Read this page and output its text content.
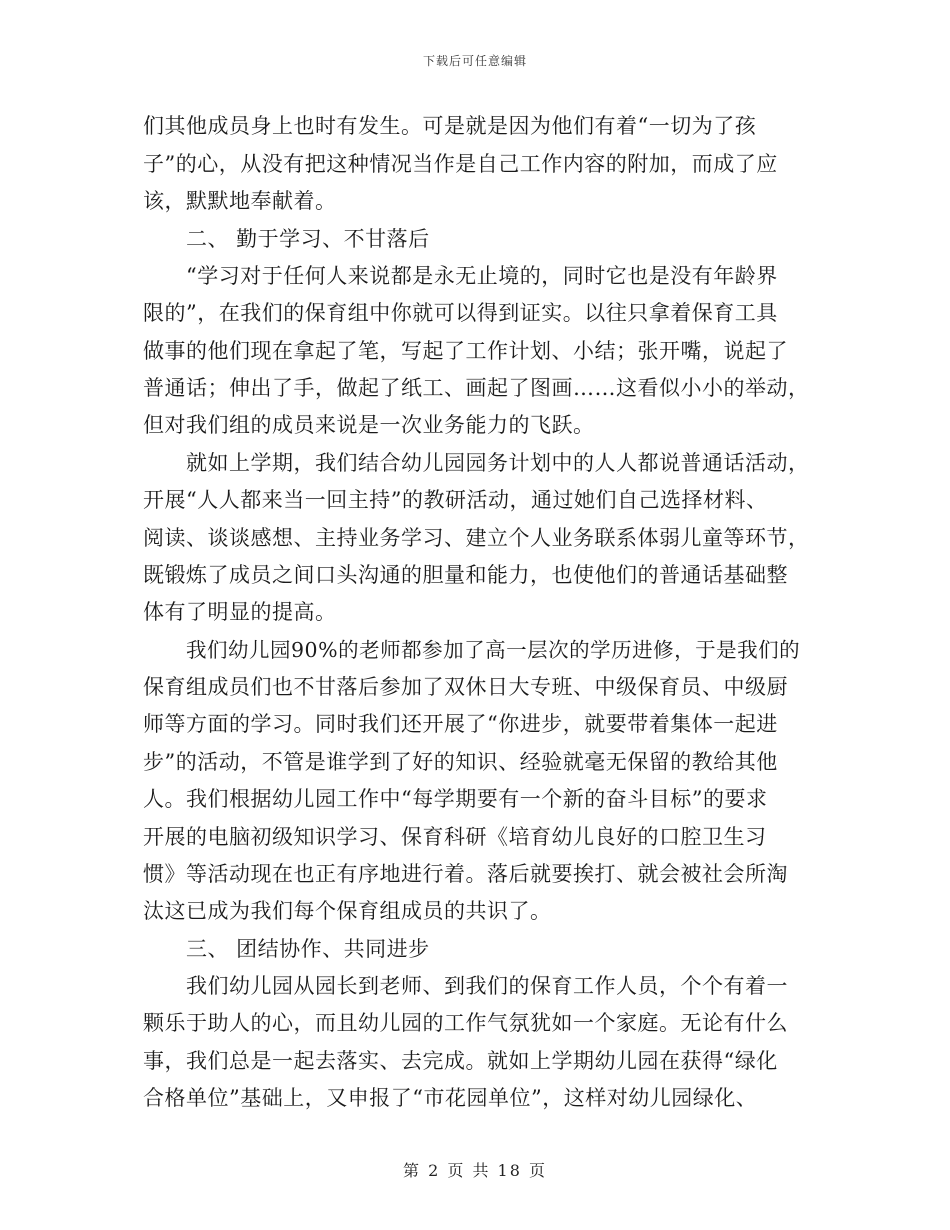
下载后可任意编辑
们其他成员身上也时有发生。可是就是因为他们有着“一切为了孩
子”的心，从没有把这种情况当作是自己工作内容的附加，而成了应
该，默默地奉献着。
二、 勤于学习、不甘落后
“学习对于任何人来说都是永无止境的，同时它也是没有年龄界
限的”，在我们的保育组中你就可以得到证实。以往只拿着保育工具
做事的他们现在拿起了笔，写起了工作计划、小结；张开嘴，说起了
普通话；伸出了手，做起了纸工、画起了图画……这看似小小的举动，
但对我们组的成员来说是一次业务能力的飞跃。
就如上学期，我们结合幼儿园园务计划中的人人都说普通话活动，
开展“人人都来当一回主持”的教研活动，通过她们自己选择材料、
阅读、谈谈感想、主持业务学习、建立个人业务联系体弱儿童等环节，
既锻炼了成员之间口头沟通的胆量和能力，也使他们的普通话基础整
体有了明显的提高。
我们幼儿园90%的老师都参加了高一层次的学历进修，于是我们的
保育组成员们也不甘落后参加了双休日大专班、中级保育员、中级厨
师等方面的学习。同时我们还开展了“你进步，就要带着集体一起进
步”的活动，不管是谁学到了好的知识、经验就毫无保留的教给其他
人。我们根据幼儿园工作中“每学期要有一个新的奋斗目标”的要求
开展的电脑初级知识学习、保育科研《培育幼儿良好的口腔卫生习
惯》等活动现在也正有序地进行着。落后就要挨打、就会被社会所淘
汰这已成为我们每个保育组成员的共识了。
三、 团结协作、共同进步
我们幼儿园从园长到老师、到我们的保育工作人员，个个有着一
颗乐于助人的心，而且幼儿园的工作气氛犹如一个家庭。无论有什么
事，我们总是一起去落实、去完成。就如上学期幼儿园在获得“绿化
合格单位”基础上，又申报了“市花园单位”，这样对幼儿园绿化、
第 2 页 共 18 页
